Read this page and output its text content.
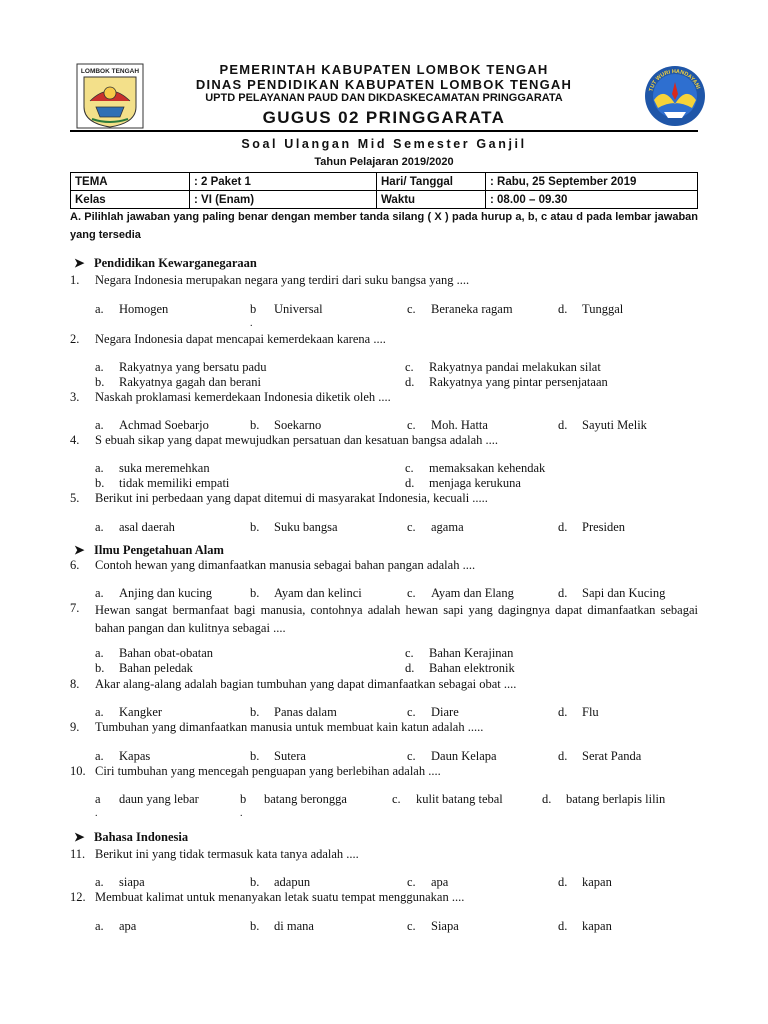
LOMBOK TENGAH	PEMERINTAH KABUPATEN LOMBOK TENGAH
DINAS PENDIDIKAN KABUPATEN LOMBOK TENGAH
UPTD PELAYANAN PAUD DAN DIKDASKECAMATAN PRINGGARATA
GUGUS 02 PRINGGARATA
TUT WURI HANDAYANI
Soal Ulangan Mid Semester Ganjil
Tahun Pelajaran 2019/2020
TEMA	: 2 Paket 1	Hari/ Tanggal	: Rabu, 25 September 2019
Kelas	: VI (Enam)	Waktu	: 08.00 – 09.30
A. Pilihlah jawaban yang paling benar dengan member tanda silang ( X ) pada hurup a, b, c atau d pada lembar jawaban yang tersedia
➤ Pendidikan Kewarganegaraan
1. Negara Indonesia merupakan negara yang terdiri dari suku bangsa yang ....
a. Homogen	b Universal	c. Beraneka ragam	d. Tunggal
.
2. Negara Indonesia dapat mencapai kemerdekaan karena ....
a. Rakyatnya yang bersatu padu
b. Rakyatnya gagah dan berani
c. Rakyatnya pandai melakukan silat
d. Rakyatnya yang pintar persenjataan
3. Naskah proklamasi kemerdekaan Indonesia diketik oleh ....
a. Achmad Soebarjo	b. Soekarno	c. Moh. Hatta	d. Sayuti Melik
4. S ebuah sikap yang dapat mewujudkan persatuan dan kesatuan bangsa adalah ....
a. suka meremehkan
b. tidak memiliki empati
c. memaksakan kehendak
d. menjaga kerukuna
5. Berikut ini perbedaan yang dapat ditemui di masyarakat Indonesia, kecuali .....
a. asal daerah	b. Suku bangsa	c. agama	d. Presiden
➤ Ilmu Pengetahuan Alam
6. Contoh hewan yang dimanfaatkan manusia sebagai bahan pangan adalah ....
a. Anjing dan kucing	b. Ayam dan kelinci	c. Ayam dan Elang	d. Sapi dan Kucing
7. Hewan sangat bermanfaat bagi manusia, contohnya adalah hewan sapi yang dagingnya dapat dimanfaatkan sebagai bahan pangan dan kulitnya sebagai ....
a. Bahan obat-obatan
b. Bahan peledak
c. Bahan Kerajinan
d. Bahan elektronik
8. Akar alang-alang adalah bagian tumbuhan yang dapat dimanfaatkan sebagai obat ....
a. Kangker	b. Panas dalam	c. Diare	d. Flu
9. Tumbuhan yang dimanfaatkan manusia untuk membuat kain katun adalah .....
a. Kapas	b. Sutera	c. Daun Kelapa	d. Serat Panda
10. Ciri tumbuhan yang mencegah penguapan yang berlebihan adalah ....
a daun yang lebar	b batang berongga	c. kulit batang tebal	d. batang berlapis lilin
.	.
➤ Bahasa Indonesia
11. Berikut ini yang tidak termasuk kata tanya adalah ....
a. siapa	b. adapun	c. apa	d. kapan
12. Membuat kalimat untuk menanyakan letak suatu tempat menggunakan ....
a. apa	b. di mana	c. Siapa	d. kapan
